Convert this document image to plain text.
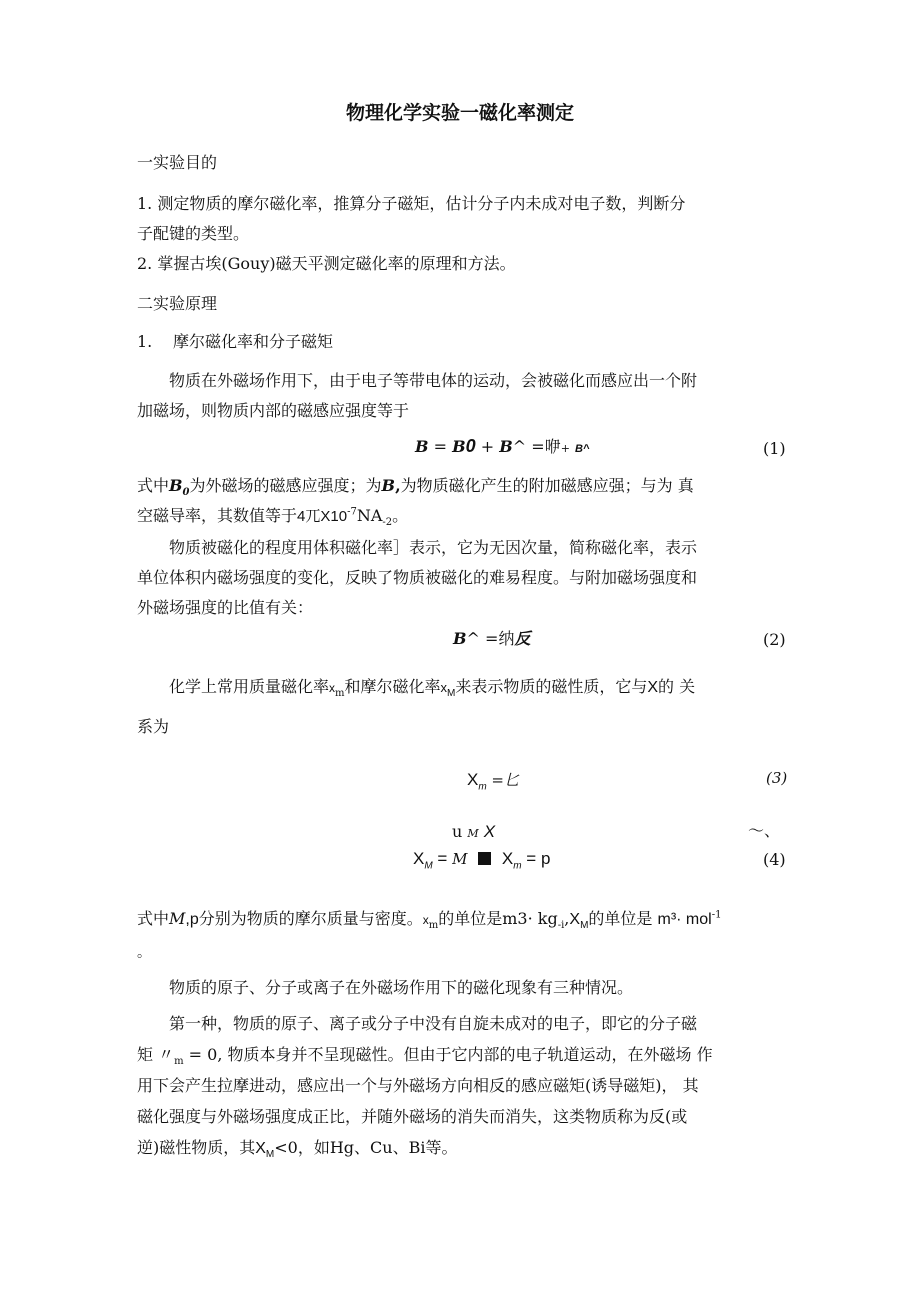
物理化学实验一磁化率测定
一实验目的
1. 测定物质的摩尔磁化率，推算分子磁矩，估计分子内未成对电子数，判断分
子配键的类型。
2. 掌握古埃(Gouy)磁天平测定磁化率的原理和方法。
二实验原理
1. 摩尔磁化率和分子磁矩
物质在外磁场作用下，由于电子等带电体的运动，会被磁化而感应出一个附
加磁场，则物质内部的磁感应强度等于
B = B0 + B^ =咿+ B^	(1)
式中$B_0$为外磁场的磁感应强度；为B,为物质磁化产生的附加磁感应强；与为 真
空磁导率，其数值等于4兀$X10^{-7}NA_{-2}$。
物质被磁化的程度用体积磁化率］表示，它为无因次量，简称磁化率，表示
单位体积内磁场强度的变化，反映了物质被磁化的难易程度。与附加磁场强度和
外磁场强度的比值有关：
B^ =纳反	(2)
化学上常用质量磁化率$x_m$和摩尔磁化率$x_M$来表示物质的磁性质，它与X的 关
系为
$X_m$ =匕	(3)
u M X	〜、
$X_M = M$ $X_m = p$	(4)
式中M,p分别为物质的摩尔质量与密度。$x_m$的单位是$m3\cdot kg_{-i},X_M$的单位是 m³· mol$^{-1}$
。
物质的原子、分子或离子在外磁场作用下的磁化现象有三种情况。
第一种，物质的原子、离子或分子中没有自旋未成对的电子，即它的分子磁
矩 〃$_m$ = 0, 物质本身并不呈现磁性。但由于它内部的电子轨道运动，在外磁场 作
用下会产生拉摩进动，感应出一个与外磁场方向相反的感应磁矩(诱导磁矩)， 其
磁化强度与外磁场强度成正比，并随外磁场的消失而消失，这类物质称为反(或
逆)磁性物质，其$X_M<0$，如Hg、Cu、Bi等。
